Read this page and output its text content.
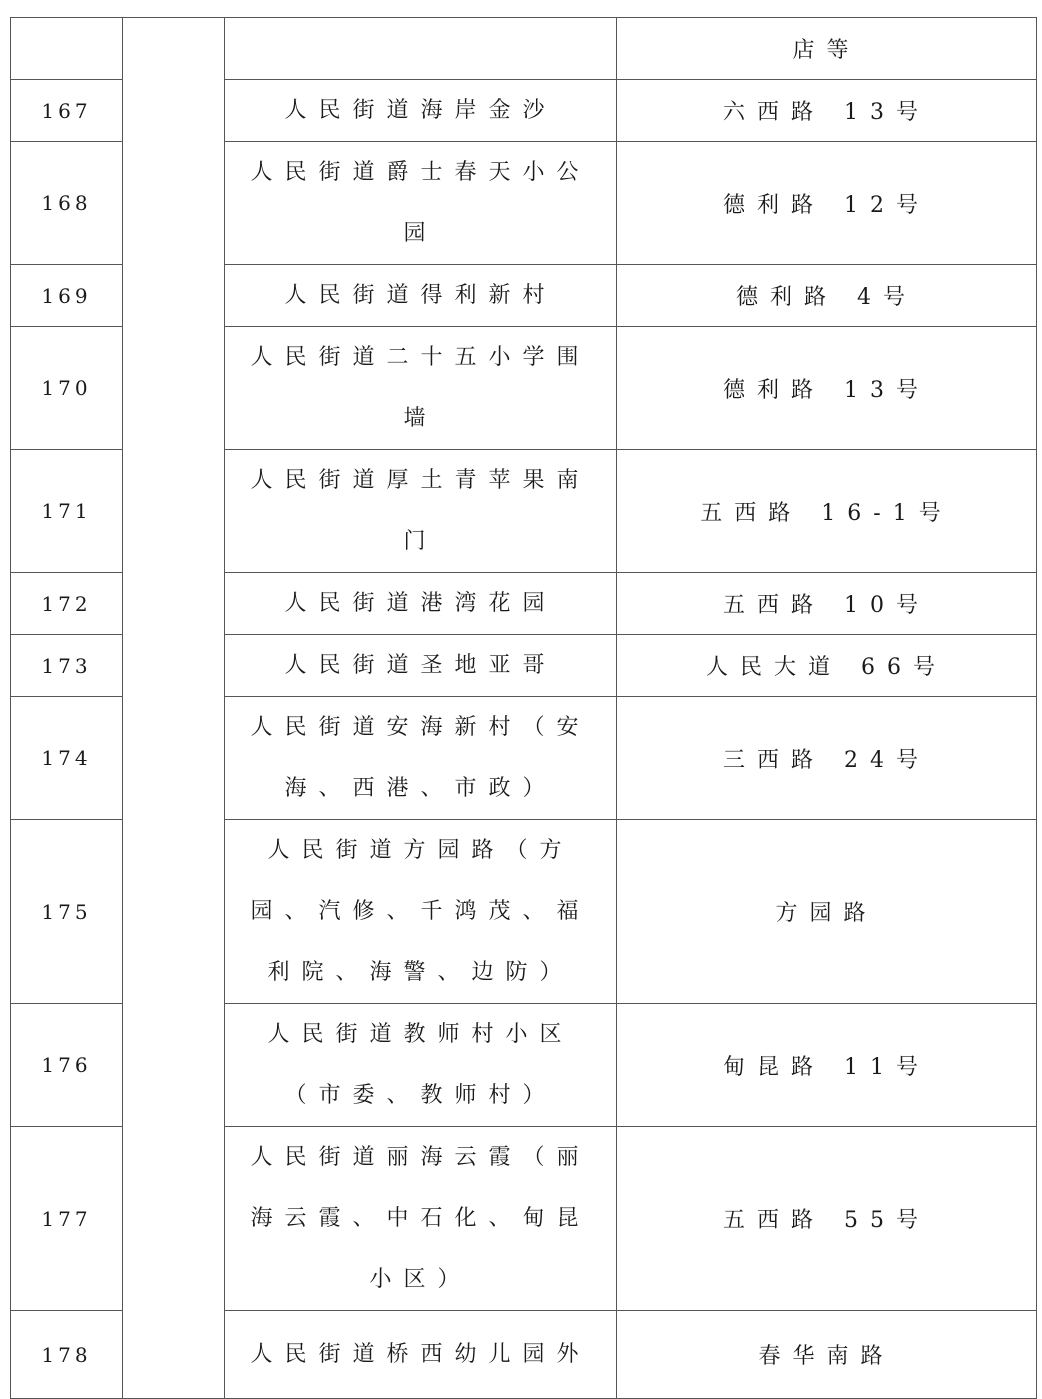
			店等
167		人民街道海岸金沙	六西路 13号
168		人民街道爵士春天小公园	德利路 12号
169		人民街道得利新村	德利路 4号
170		人民街道二十五小学围墙	德利路 13号
171		人民街道厚土青苹果南门	五西路 16-1号
172		人民街道港湾花园	五西路 10号
173		人民街道圣地亚哥	人民大道 66号
174		人民街道安海新村（安海、西港、市政）	三西路 24号
175		人民街道方园路（方园、汽修、千鸿茂、福利院、海警、边防）	方园路
176		人民街道教师村小区（市委、教师村）	甸昆路 11号
177		人民街道丽海云霞（丽海云霞、中石化、甸昆小区）	五西路 55号
178		人民街道桥西幼儿园外	春华南路
